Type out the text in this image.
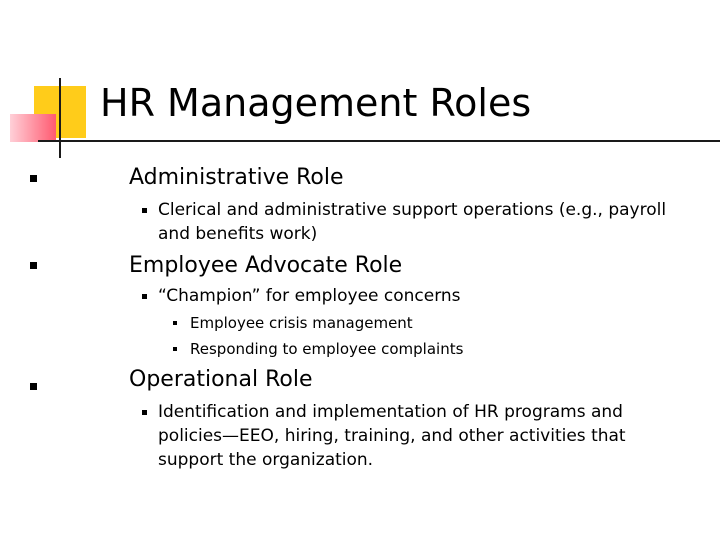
HR Management Roles
Administrative Role
Clerical and administrative support operations (e.g., payroll and benefits work)
Employee Advocate Role
“Champion” for employee concerns
Employee crisis management
Responding to employee complaints
Operational Role
Identification and implementation of HR programs and policies—EEO, hiring, training, and other activities that support the organization.
